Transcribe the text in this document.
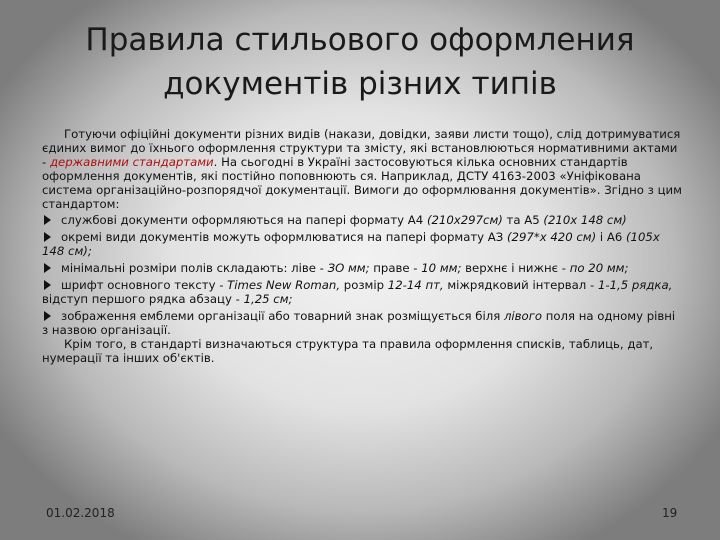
Правила стильового оформления
документів різних типів

Готуючи офіційні документи різних видів (накази, довідки, заяви листи тощо), слід дотримуватися єдиних вимог до їхнього оформлення структури та змісту, які встановлюються нормативними актами - державними стандартами. На сьогодні в Україні застосовуються кілька основних стандартів оформлення документів, які постійно поповнюють ся. Наприклад, ДСТУ 4163-2003 «Уніфікована система організаційно-розпорядчої документації. Вимоги до оформлювання документів». Згідно з цим стандартом:

службові документи оформляються на папері формату А4 (210x297см) та А5 (210x 148 см)

окремі види документів можуть оформлюватися на папері формату АЗ (297*х 420 см) і А6 (105x 148 см);

мінімальні розміри полів складають: ліве - ЗО мм; праве - 10 мм; верхнє і нижнє - по 20 мм;

шрифт основного тексту - Times New Roman, розмір 12-14 пт, міжрядковий інтервал - 1-1,5 рядка, відступ першого рядка абзацу - 1,25 см;

зображення емблеми організації або товарний знак розміщується біля лівого поля на одному рівні з назвою організації.

Крім того, в стандарті визначаються структура та правила оформлення списків, таблиць, дат, нумерації та інших об'єктів.

01.02.2018	19
